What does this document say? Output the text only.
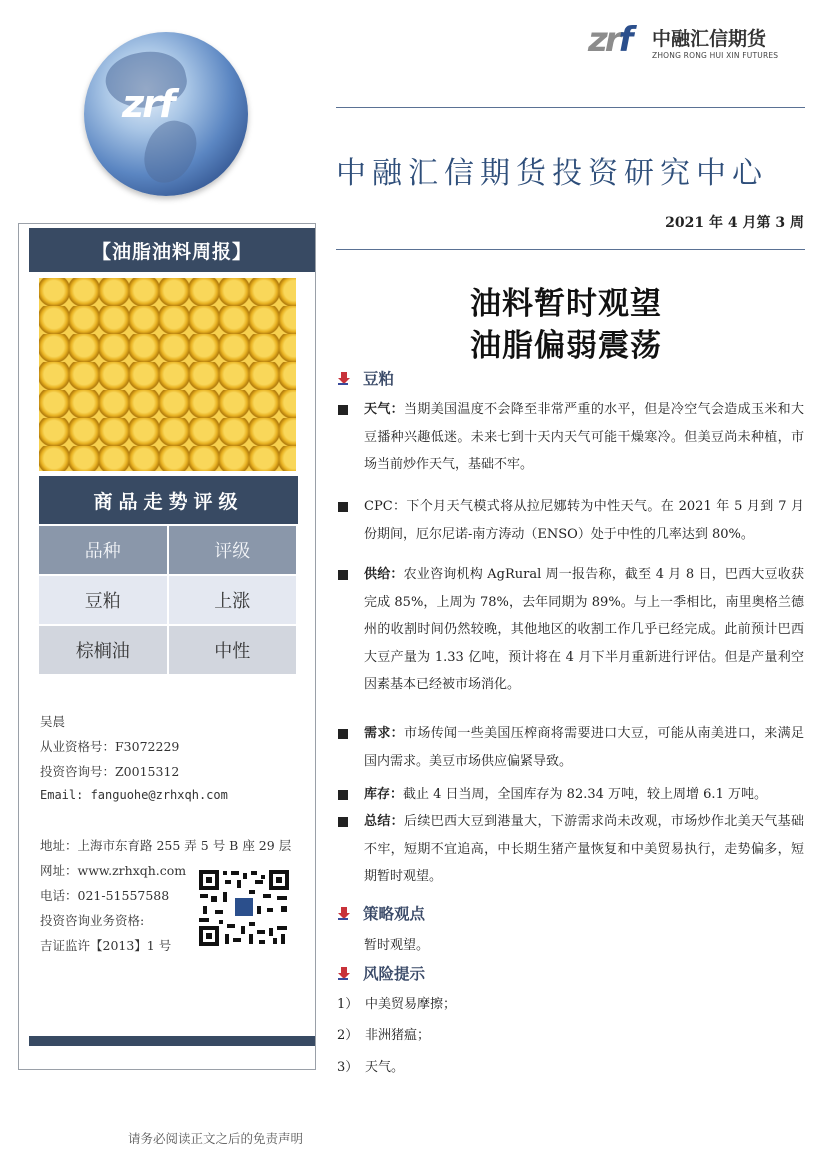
zrf
zrf 中融汇信期货
ZHONG RONG HUI XIN FUTURES
中融汇信期货投资研究中心
2021 年 4 月第 3 周
【油脂油料周报】
商品走势评级
品种	评级
豆粕	上涨
棕榈油	中性
吴晨
从业资格号：F3072229
投资咨询号：Z0015312
Email: fanguohe@zrhxqh.com
地址：上海市东育路 255 弄 5 号 B 座 29 层
网址：www.zrhxqh.com
电话：021-51557588
投资咨询业务资格:
吉证监许【2013】1 号
油料暂时观望
油脂偏弱震荡
豆粕
天气：当期美国温度不会降至非常严重的水平，但是冷空气会造成玉米和大豆播种兴趣低迷。未来七到十天内天气可能干燥寒冷。但美豆尚未种植，市场当前炒作天气，基础不牢。
CPC：下个月天气模式将从拉尼娜转为中性天气。在 2021 年 5 月到 7 月份期间，厄尔尼诺-南方涛动（ENSO）处于中性的几率达到 80%。
供给：农业咨询机构 AgRural 周一报告称，截至 4 月 8 日，巴西大豆收获完成 85%，上周为 78%，去年同期为 89%。与上一季相比，南里奥格兰德州的收割时间仍然较晚，其他地区的收割工作几乎已经完成。此前预计巴西大豆产量为 1.33 亿吨，预计将在 4 月下半月重新进行评估。但是产量利空因素基本已经被市场消化。
需求：市场传闻一些美国压榨商将需要进口大豆，可能从南美进口，来满足国内需求。美豆市场供应偏紧导致。
库存：截止 4 日当周，全国库存为 82.34 万吨，较上周增 6.1 万吨。
总结：后续巴西大豆到港量大，下游需求尚未改观，市场炒作北美天气基础不牢，短期不宜追高，中长期生猪产量恢复和中美贸易执行，走势偏多，短期暂时观望。
策略观点
暂时观望。
风险提示
1） 中美贸易摩擦；
2） 非洲猪瘟；
3） 天气。
请务必阅读正文之后的免责声明
